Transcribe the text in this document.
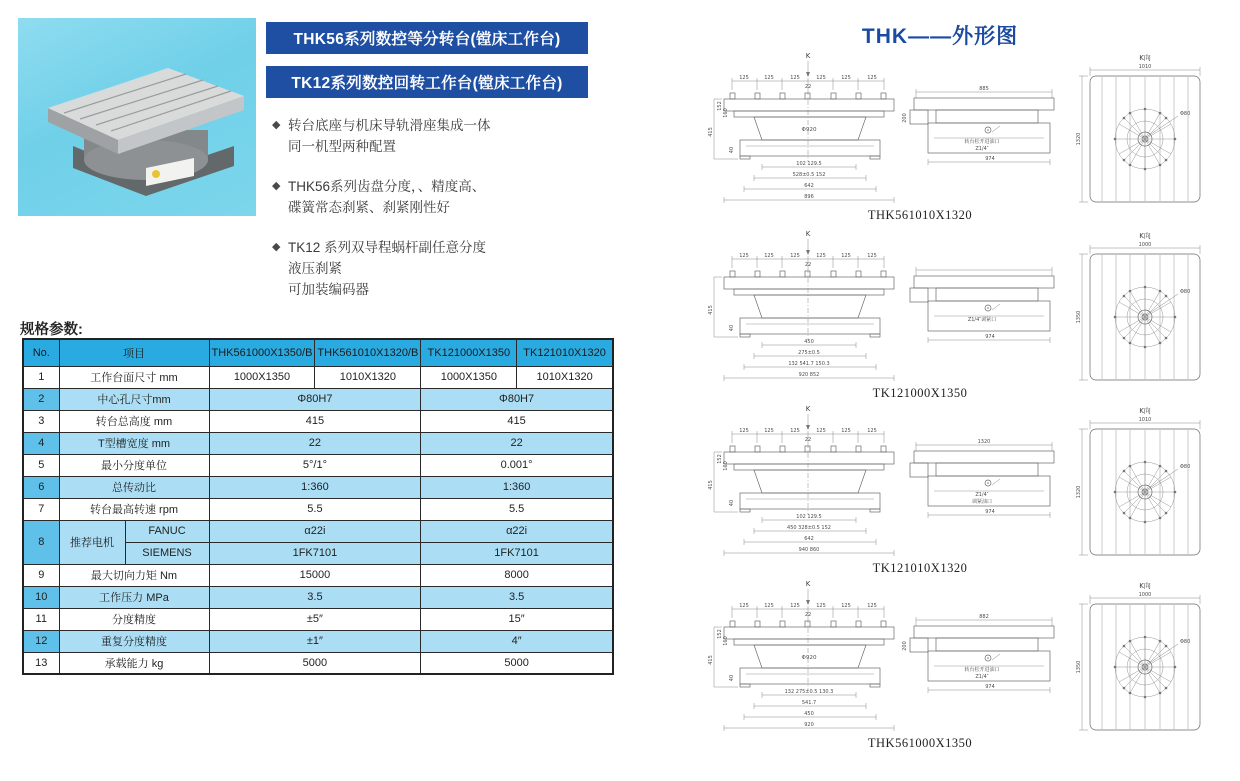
THK56系列数控等分转台(镗床工作台)
TK12系列数控回转工作台(镗床工作台)
◆ 转台底座与机床导轨滑座集成一体
同一机型两种配置
◆ THK56系列齿盘分度，、精度高、
碟簧常态刹紧、刹紧刚性好
◆ TK12 系列双导程蜗杆副任意分度
液压刹紧
可加装编码器
规格参数:
No.	项目		THK561000X1350/B	THK561010X1320/B	TK121000X1350	TK121010X1320
1	工作台面尺寸 mm		1000X1350	1010X1320	1000X1350	1010X1320
2	中心孔尺寸mm		Φ80H7		Φ80H7	
3	转台总高度 mm		415		415	
4	T型槽宽度 mm		22		22	
5	最小分度单位		5°/1°		0.001°	
6	总传动比		1:360		1:360	
7	转台最高转速 rpm		5.5		5.5	
8	推荐电机	FANUC	α22i		α22i	
		SIEMENS	1FK7101		1FK7101	
9	最大切向力矩 Nm		15000		8000	
10	工作压力 MPa		3.5		3.5	
11	分度精度		±5″		15″	
12	重复分度精度		±1″		4″	
13	承载能力 kg		5000		5000	
THK——外形图
K
125	125	125	125	125	125
22
Φ920
415
152
160
40
102 129.5
528±0.5 152
642
896
885
200
转台松开进油口
Z1/4″
974
K向
1010
1320
Φ80
THK561010X1320
K
125	125	125	125	125	125
22
415
40
450
275±0.5
132 541.7 150.3
920 852
Z1/4″调紧口
974
K向
1000
1350
Φ80
TK121000X1350
K
125	125	125	125	125	125
22
415
152
160
40
102 129.5
450 328±0.5 152
642
940 860
1320
Z1/4″
调紧油口
974
K向
1010
1320
Φ80
TK121010X1320
K
125	125	125	125	125	125
22
Φ920
415
152
160
40
132 275±0.5 130.3
541.7
450
920
882
200
转台松开进油口
Z1/4″
974
K向
1000
1350
Φ80
THK561000X1350
